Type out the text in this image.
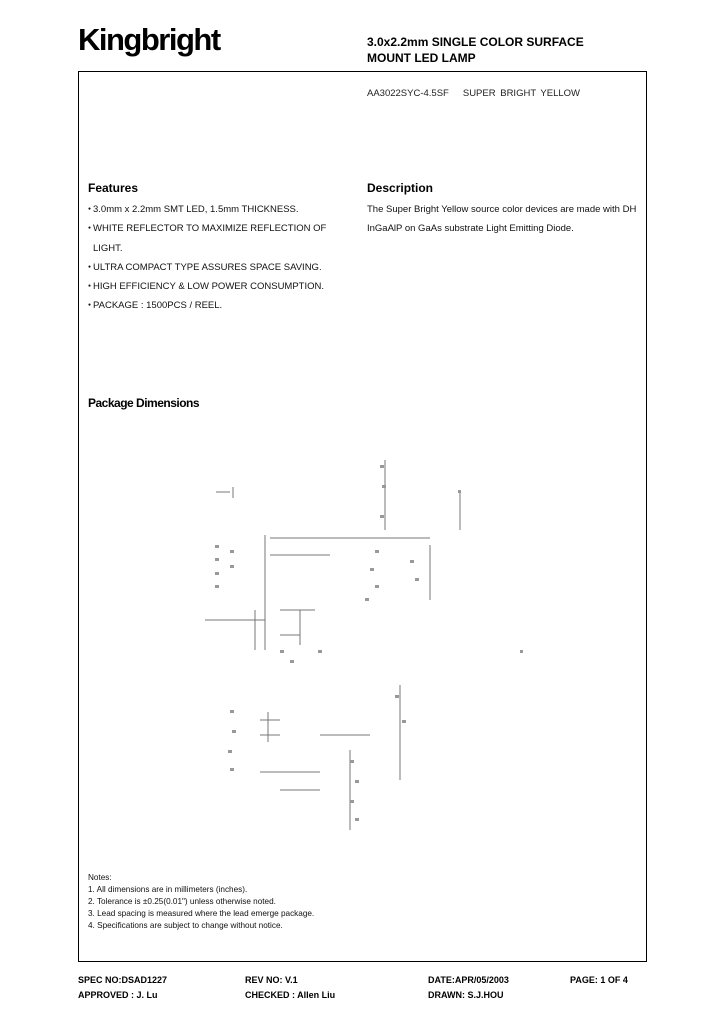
Kingbright	3.0x2.2mm SINGLE COLOR SURFACE
MOUNT LED LAMP
AA3022SYC-4.5SF SUPER BRIGHT YELLOW
Features	Description
● 3.0mm x 2.2mm SMT LED, 1.5mm THICKNESS.
● WHITE REFLECTOR TO MAXIMIZE REFLECTION OF LIGHT.
● ULTRA COMPACT TYPE ASSURES SPACE SAVING.
● HIGH EFFICIENCY & LOW POWER CONSUMPTION.
● PACKAGE : 1500PCS / REEL.
The Super Bright Yellow source color devices are made with DH InGaAlP on GaAs substrate Light Emitting Diode.
Package Dimensions
Notes:
1. All dimensions are in millimeters (inches).
2. Tolerance is ±0.25(0.01") unless otherwise noted.
3. Lead spacing is measured where the lead emerge package.
4. Specifications are subject to change without notice.
SPEC NO:DSAD1227	REV NO: V.1	DATE:APR/05/2003	PAGE: 1 OF 4
APPROVED : J. Lu	CHECKED : Allen Liu	DRAWN: S.J.HOU
